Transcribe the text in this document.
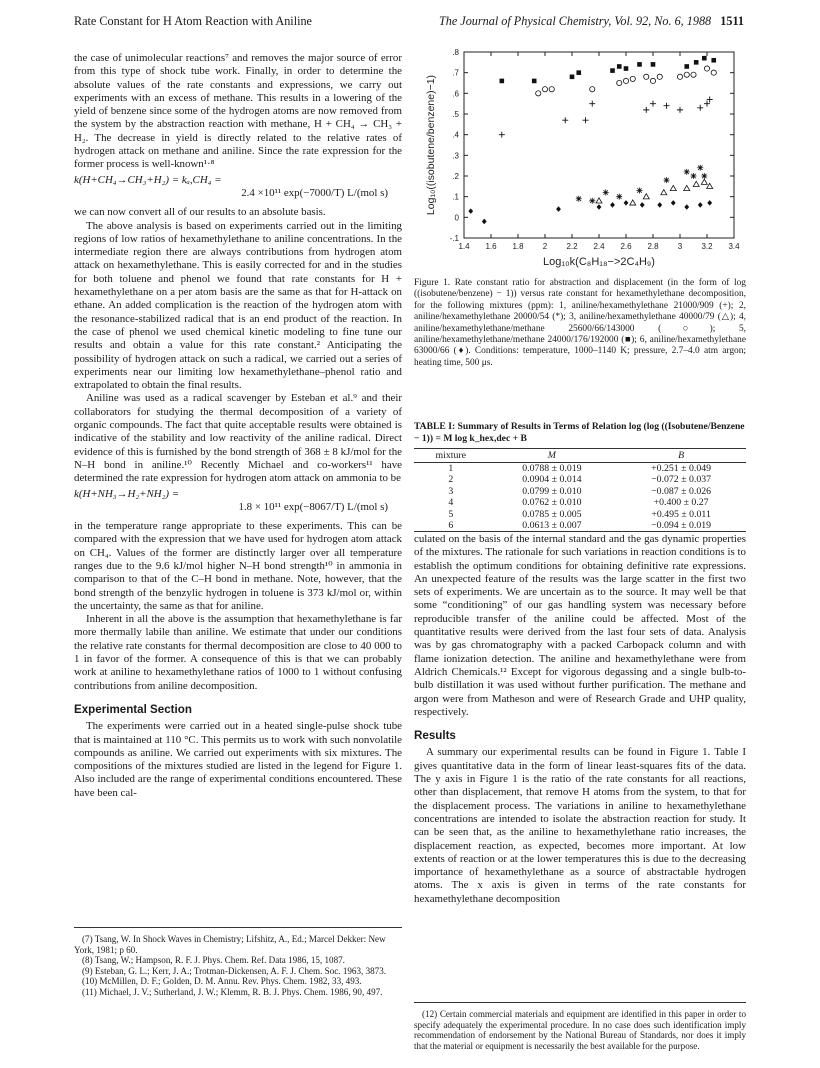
Rate Constant for H Atom Reaction with Aniline	The Journal of Physical Chemistry, Vol. 92, No. 6, 1988 1511

the case of unimolecular reactions⁷ and removes the major source of error from this type of shock tube work. Finally, in order to determine the absolute values of the rate constants and expressions, we carry out experiments with an excess of methane. This results in a lowering of the yield of benzene since some of the hydrogen atoms are now removed from the system by the abstraction reaction with methane, H + CH₄ → CH₃ + H₂. The decrease in yield is directly related to the relative rates of hydrogen attack on methane and aniline. Since the rate expression for the former process is well-known¹·⁸

k(H+CH₄→CH₃+H₂) = kₐ,CH₄ =
2.4 ×10¹¹ exp(−7000/T) L/(mol s)

we can now convert all of our results to an absolute basis.

The above analysis is based on experiments carried out in the limiting regions of low ratios of hexamethylethane to aniline concentrations. In the intermediate region there are always contributions from hydrogen atom attack on hexamethylethane. This is easily corrected for and in the studies for both toluene and phenol we found that rate constants for H + hexamethylethane on a per atom basis are the same as that for H-attack on ethane. An added complication is the reaction of the hydrogen atom with the resonance-stabilized radical that is an end product of the reaction. In the case of phenol we used chemical kinetic modeling to fine tune our results and obtain a value for this rate constant.² Anticipating the possibility of hydrogen attack on such a radical, we carried out a series of experiments near our limiting low hexamethylethane–phenol ratio and extrapolated to obtain the final results.

Aniline was used as a radical scavenger by Esteban et al.⁹ and their collaborators for studying the thermal decomposition of a variety of organic compounds. The fact that quite acceptable results were obtained is indicative of the stability and low reactivity of the aniline radical. Direct evidence of this is furnished by the bond strength of 368 ± 8 kJ/mol for the N–H bond in aniline.¹⁰ Recently Michael and co-workers¹¹ have determined the rate expression for hydrogen atom attack on ammonia to be

k(H+NH₃→H₂+NH₂) =
1.8 × 10¹¹ exp(−8067/T) L/(mol s)

in the temperature range appropriate to these experiments. This can be compared with the expression that we have used for hydrogen atom attack on CH₄. Values of the former are distinctly larger over all temperature ranges due to the 9.6 kJ/mol higher N–H bond strength¹⁰ in ammonia in comparison to that of the C–H bond in methane. Note, however, that the bond strength of the benzylic hydrogen in toluene is 373 kJ/mol or, within the uncertainty, the same as that for aniline.

Inherent in all the above is the assumption that hexamethylethane is far more thermally labile than aniline. We estimate that under our conditions the relative rate constants for thermal decomposition are close to 40 000 to 1 in favor of the former. A consequence of this is that we can probably work at aniline to hexamethylethane ratios of 1000 to 1 without confusing contributions from aniline decomposition.

Experimental Section

The experiments were carried out in a heated single-pulse shock tube that is maintained at 110 °C. This permits us to work with such nonvolatile compounds as aniline. We carried out experiments with six mixtures. The compositions of the mixtures studied are listed in the legend for Figure 1. Also included are the range of experimental conditions encountered. These have been cal-

(7) Tsang, W. In Shock Waves in Chemistry; Lifshitz, A., Ed.; Marcel Dekker: New York, 1981; p 60.
(8) Tsang, W.; Hampson, R. F. J. Phys. Chem. Ref. Data 1986, 15, 1087.
(9) Esteban, G. L.; Kerr, J. A.; Trotman-Dickensen, A. F. J. Chem. Soc. 1963, 3873.
(10) McMillen, D. F.; Golden, D. M. Annu. Rev. Phys. Chem. 1982, 33, 493.
(11) Michael, J. V.; Sutherland, J. W.; Klemm, R. B. J. Phys. Chem. 1986, 90, 497.
1.4 1.6 1.8 2 2.2 2.4 2.6 2.8 3 3.2 3.4
-.1
0
.1
.2
.3
.4
.5
.6
.7
.8
Log₁₀k(C₈H₁₈−>2C₄H₉)
Log₁₀((isobutene/benzene)−1)
Figure 1. Rate constant ratio for abstraction and displacement (in the form of log ((isobutene/benzene) − 1)) versus rate constant for hexamethylethane decomposition, for the following mixtures (ppm): 1, aniline/hexamethylethane 21000/909 (+); 2, aniline/hexamethylethane 20000/54 (*); 3, aniline/hexamethylethane 40000/79 (△); 4, aniline/hexamethylethane/methane 25600/66/143000 (○); 5, aniline/hexamethylethane/methane 24000/176/192000 (■); 6, aniline/hexamethylethane 63000/66 (♦). Conditions: temperature, 1000–1140 K; pressure, 2.7–4.0 atm argon; heating time, 500 μs.
TABLE I: Summary of Results in Terms of Relation log (log ((Isobutene/Benzene − 1)) = M log k_hex,dec + B
mixture	M	B
1	0.0788 ± 0.019	+0.251 ± 0.049
2	0.0904 ± 0.014	−0.072 ± 0.037
3	0.0799 ± 0.010	−0.087 ± 0.026
4	0.0762 ± 0.010	+0.400 ± 0.27
5	0.0785 ± 0.005	+0.495 ± 0.011
6	0.0613 ± 0.007	−0.094 ± 0.019

culated on the basis of the internal standard and the gas dynamic properties of the mixtures. The rationale for such variations in reaction conditions is to establish the optimum conditions for obtaining definitive rate expressions. An unexpected feature of the results was the large scatter in the first two sets of experiments. We are uncertain as to the source. It may well be that some “conditioning” of our gas handling system was necessary before reproducible transfer of the aniline could be affected. Most of the quantitative results were derived from the last four sets of data. Analysis was by gas chromatography with a packed Carbopack column and with flame ionization detection. The aniline and hexamethylethane were from Aldrich Chemicals.¹² Except for vigorous degassing and a single bulb-to-bulb distillation it was used without further purification. The methane and argon were from Matheson and were of Research Grade and UHP quality, respectively.

Results

A summary our experimental results can be found in Figure 1. Table I gives quantitative data in the form of linear least-squares fits of the data. The y axis in Figure 1 is the ratio of the rate constants for all reactions, other than displacement, that remove H atoms from the system, to that for the displacement process. The variations in aniline to hexamethylethane concentrations are intended to isolate the abstraction reaction for study. It can be seen that, as the aniline to hexamethylethane ratio increases, the displacement reaction, as expected, becomes more important. At low extents of reaction or at the lower temperatures this is due to the decreasing importance of hexamethylethane as a source of abstractable hydrogen atoms. The x axis is given in terms of the rate constants for hexamethylethane decomposition

(12) Certain commercial materials and equipment are identified in this paper in order to specify adequately the experimental procedure. In no case does such identification imply recommendation of endorsement by the National Bureau of Standards, nor does it imply that the material or equipment is necessarily the best available for the purpose.
